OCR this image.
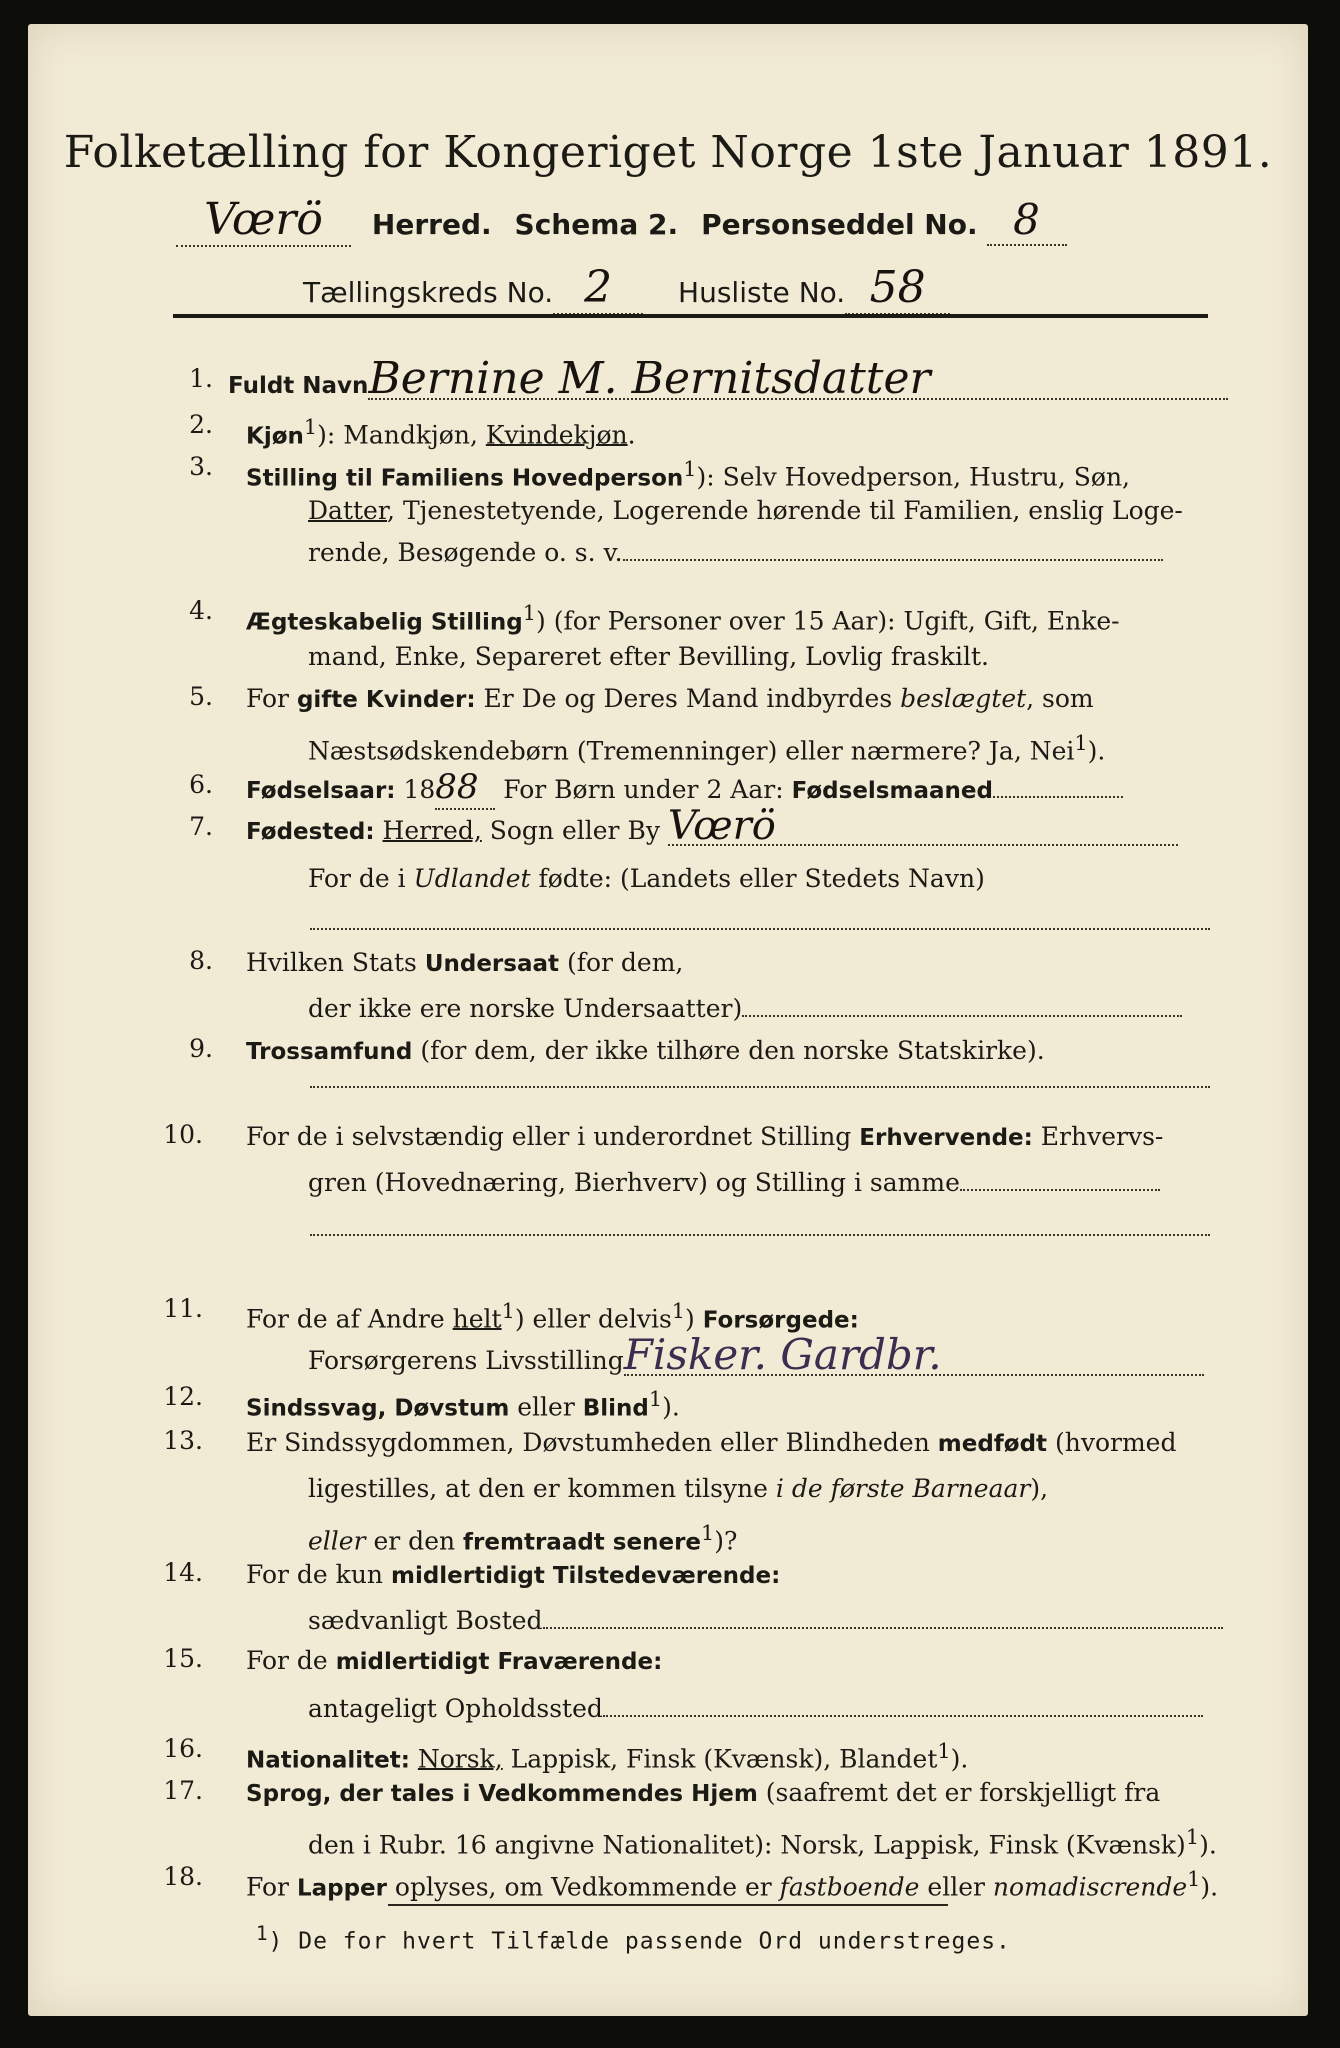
Folketælling for Kongeriget Norge 1ste Januar 1891.
Vœrö Herred. Schema 2. Personseddel No. 8
Tællingskreds No. 2 Husliste No. 58
1. Fuldt NavnBernine M. Bernitsdatter
2. Kjøn$^1$): Mandkjøn, Kvindekjøn.
3. Stilling til Familiens Hovedperson$^1$): Selv Hovedperson, Hustru, Søn,
Datter, Tjenestetyende, Logerende hørende til Familien, enslig Loge-
rende, Besøgende o. s. v.
4. Ægteskabelig Stilling$^1$) (for Personer over 15 Aar): Ugift, Gift, Enke-
mand, Enke, Separeret efter Bevilling, Lovlig fraskilt.
5. For gifte Kvinder: Er De og Deres Mand indbyrdes beslægtet, som
Næstsødskendebørn (Tremenninger) eller nærmere? Ja, Nei$^1$).
6. Fødselsaar: 1888 For Børn under 2 Aar: Fødselsmaaned
7. Fødested: Herred, Sogn eller By Vœrö
For de i Udlandet fødte: (Landets eller Stedets Navn)
8. Hvilken Stats Undersaat (for dem,
der ikke ere norske Undersaatter)
9. Trossamfund (for dem, der ikke tilhøre den norske Statskirke).
10. For de i selvstændig eller i underordnet Stilling Erhvervende: Erhvervs-
gren (Hovednæring, Bierhverv) og Stilling i samme
11. For de af Andre helt$^1$) eller delvis$^1$) Forsørgede:
Forsørgerens LivsstillingFisker. Gardbr.
12. Sindssvag, Døvstum eller Blind$^1$).
13. Er Sindssygdommen, Døvstumheden eller Blindheden medfødt (hvormed
ligestilles, at den er kommen tilsyne i de første Barneaar),
eller er den fremtraadt senere$^1$)?
14. For de kun midlertidigt Tilstedeværende:
sædvanligt Bosted
15. For de midlertidigt Fraværende:
antageligt Opholdssted
16. Nationalitet: Norsk, Lappisk, Finsk (Kvænsk), Blandet$^1$).
17. Sprog, der tales i Vedkommendes Hjem (saafremt det er forskjelligt fra
den i Rubr. 16 angivne Nationalitet): Norsk, Lappisk, Finsk (Kvænsk)$^1$).
18. For Lapper oplyses, om Vedkommende er fastboende eller nomadiscrende$^1$).
$^1$) De for hvert Tilfælde passende Ord understreges.
